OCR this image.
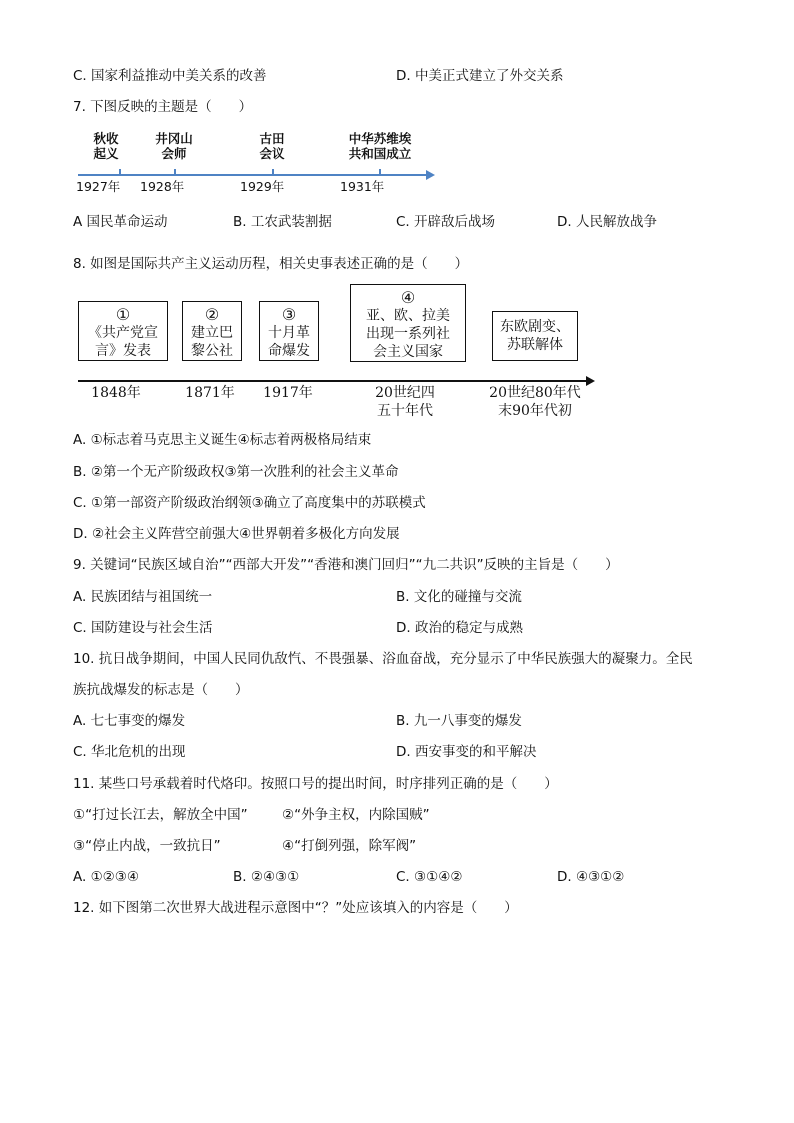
C. 国家利益推动中美关系的改善	D. 中美正式建立了外交关系
7. 下图反映的主题是（　　）
秋收
起义
井冈山
会师
古田
会议
中华苏维埃
共和国成立
1927年 1928年	1929年	1931年
A 国民革命运动	B. 工农武装割据	C. 开辟敌后战场	D. 人民解放战争
8. 如图是国际共产主义运动历程，相关史事表述正确的是（　　）
①
《共产党宣
言》发表
②
建立巴
黎公社
③
十月革
命爆发
④
亚、欧、拉美
出现一系列社
会主义国家
东欧剧变、
苏联解体
1848年	1871年	1917年	20世纪四
五十年代
20世纪80年代
末90年代初
A. ①标志着马克思主义诞生④标志着两极格局结束
B. ②第一个无产阶级政权③第一次胜利的社会主义革命
C. ①第一部资产阶级政治纲领③确立了高度集中的苏联模式
D. ②社会主义阵营空前强大④世界朝着多极化方向发展
9. 关键词“民族区域自治”“西部大开发”“香港和澳门回归”“九二共识”反映的主旨是（　　）
A. 民族团结与祖国统一	B. 文化的碰撞与交流
C. 国防建设与社会生活	D. 政治的稳定与成熟
10. 抗日战争期间，中国人民同仇敌忾、不畏强暴、浴血奋战，充分显示了中华民族强大的凝聚力。全民
族抗战爆发的标志是（　　）
A. 七七事变的爆发	B. 九一八事变的爆发
C. 华北危机的出现	D. 西安事变的和平解决
11. 某些口号承载着时代烙印。按照口号的提出时间，时序排列正确的是（　　）
①“打过长江去，解放全中国”	②“外争主权，内除国贼”
③“停止内战，一致抗日”	④“打倒列强，除军阀”
A. ①②③④	B. ②④③①	C. ③①④②	D. ④③①②
12. 如下图第二次世界大战进程示意图中“？”处应该填入的内容是（　　）
